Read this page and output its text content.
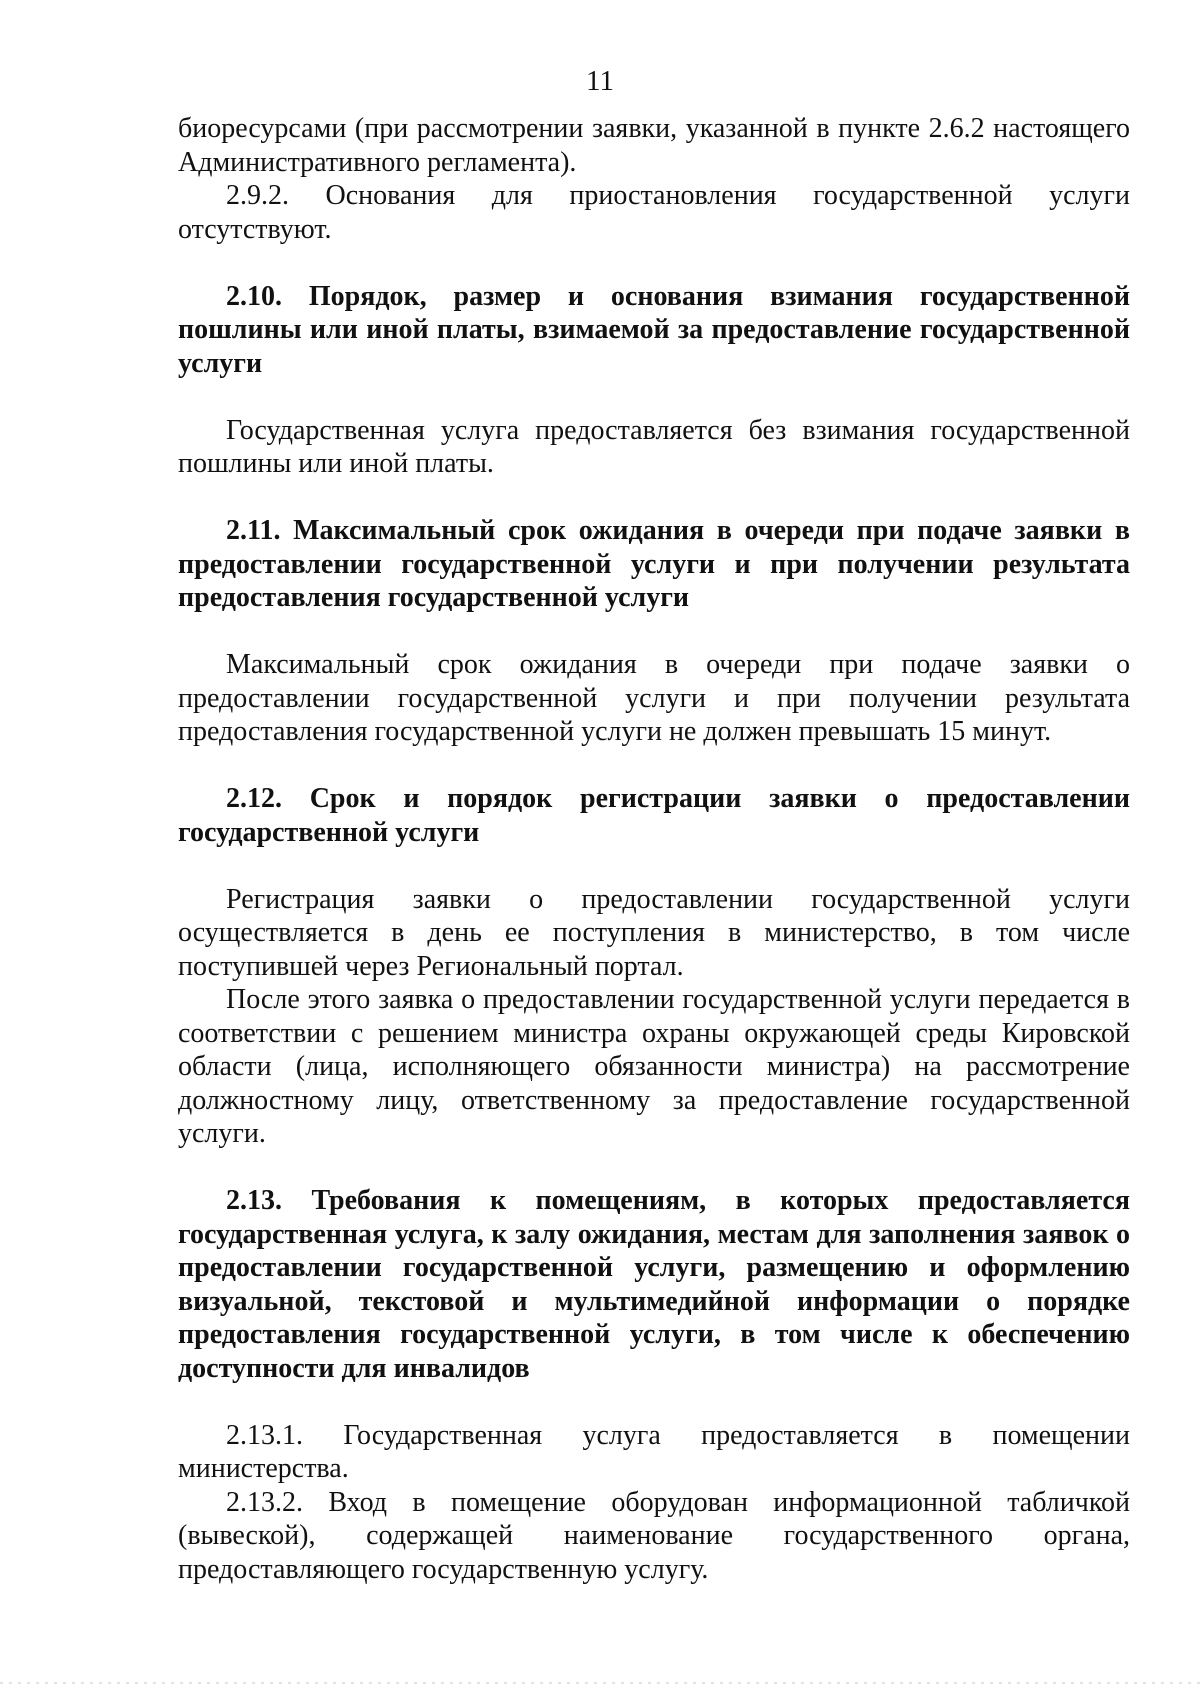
11

биоресурсами (при рассмотрении заявки, указанной в пункте 2.6.2 настоящего Административного регламента).

2.9.2. Основания для приостановления государственной услуги отсутствуют.

2.10. Порядок, размер и основания взимания государственной пошлины или иной платы, взимаемой за предоставление государственной услуги

Государственная услуга предоставляется без взимания государственной пошлины или иной платы.

2.11. Максимальный срок ожидания в очереди при подаче заявки в предоставлении государственной услуги и при получении результата предоставления государственной услуги

Максимальный срок ожидания в очереди при подаче заявки о предоставлении государственной услуги и при получении результата предоставления государственной услуги не должен превышать 15 минут.

2.12. Срок и порядок регистрации заявки о предоставлении государственной услуги

Регистрация заявки о предоставлении государственной услуги осуществляется в день ее поступления в министерство, в том числе поступившей через Региональный портал.

После этого заявка о предоставлении государственной услуги передается в соответствии с решением министра охраны окружающей среды Кировской области (лица, исполняющего обязанности министра) на рассмотрение должностному лицу, ответственному за предоставление государственной услуги.

2.13. Требования к помещениям, в которых предоставляется государственная услуга, к залу ожидания, местам для заполнения заявок о предоставлении государственной услуги, размещению и оформлению визуальной, текстовой и мультимедийной информации о порядке предоставления государственной услуги, в том числе к обеспечению доступности для инвалидов

2.13.1. Государственная услуга предоставляется в помещении министерства.

2.13.2. Вход в помещение оборудован информационной табличкой (вывеской), содержащей наименование государственного органа, предоставляющего государственную услугу.
